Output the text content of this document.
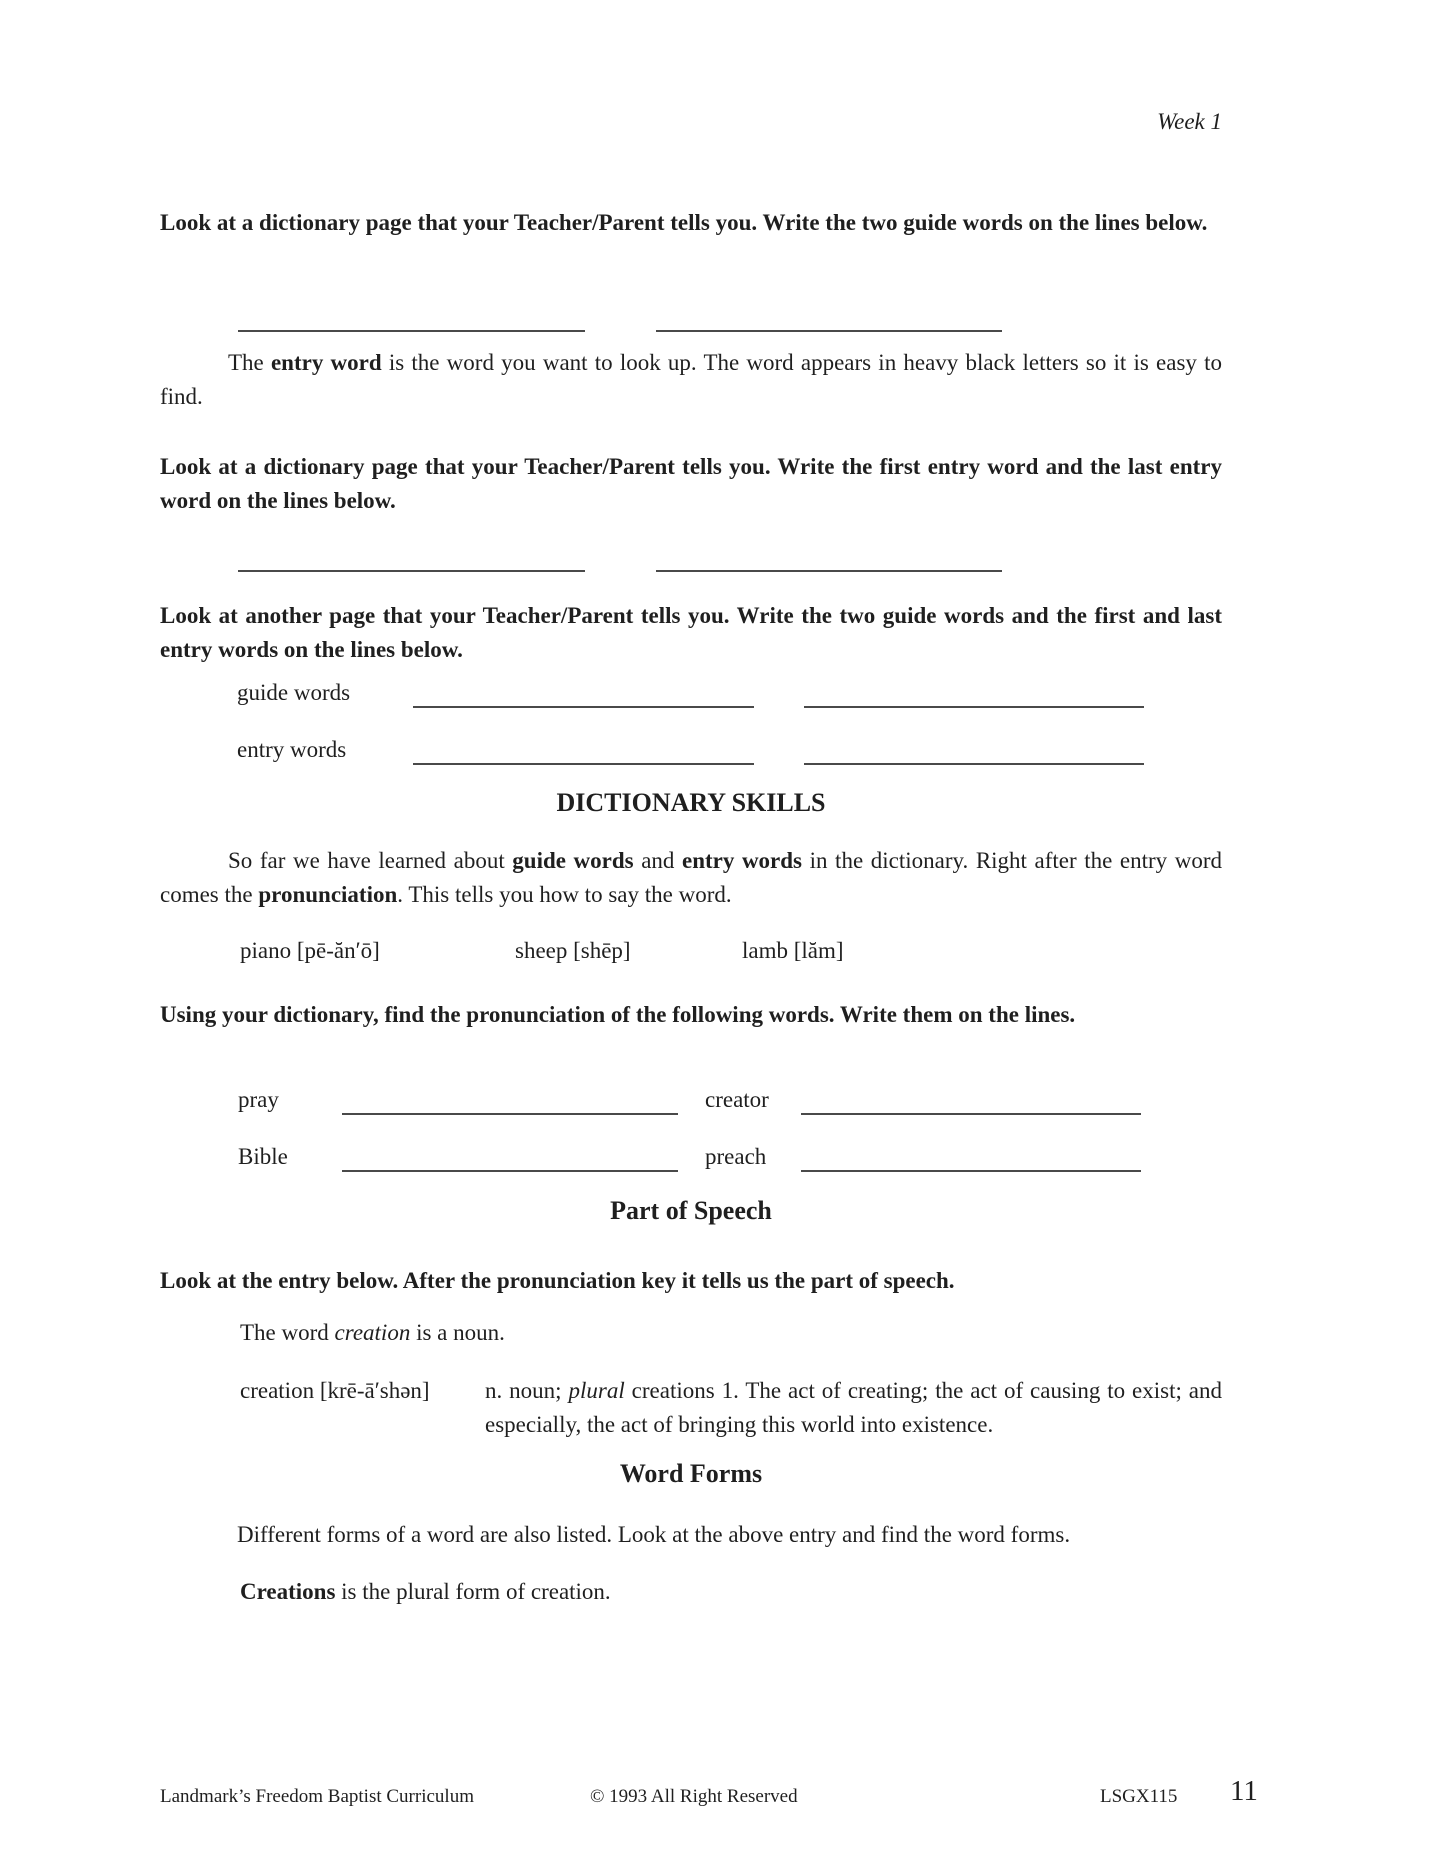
Week 1
Look at a dictionary page that your Teacher/Parent tells you. Write the two guide words on the lines below.

The entry word is the word you want to look up. The word appears in heavy black letters so it is easy to find.

Look at a dictionary page that your Teacher/Parent tells you. Write the first entry word and the last entry word on the lines below.
Look at another page that your Teacher/Parent tells you. Write the two guide words and the first and last entry words on the lines below.
guide words
entry words
DICTIONARY SKILLS

So far we have learned about guide words and entry words in the dictionary. Right after the entry word comes the pronunciation. This tells you how to say the word.

piano [pē-ăn′ō]	sheep [shēp]	lamb [lăm]
Using your dictionary, find the pronunciation of the following words. Write them on the lines.
pray	creator
Bible	preach
Part of Speech
Look at the entry below. After the pronunciation key it tells us the part of speech.

The word creation is a noun.

creation [krē-ā′shən]	n. noun; plural creations 1. The act of creating; the act of causing to exist; and especially, the act of bringing this world into existence.
Word Forms
Different forms of a word are also listed. Look at the above entry and find the word forms.

Creations is the plural form of creation.

Landmark’s Freedom Baptist Curriculum	© 1993 All Right Reserved	LSGX115 11
